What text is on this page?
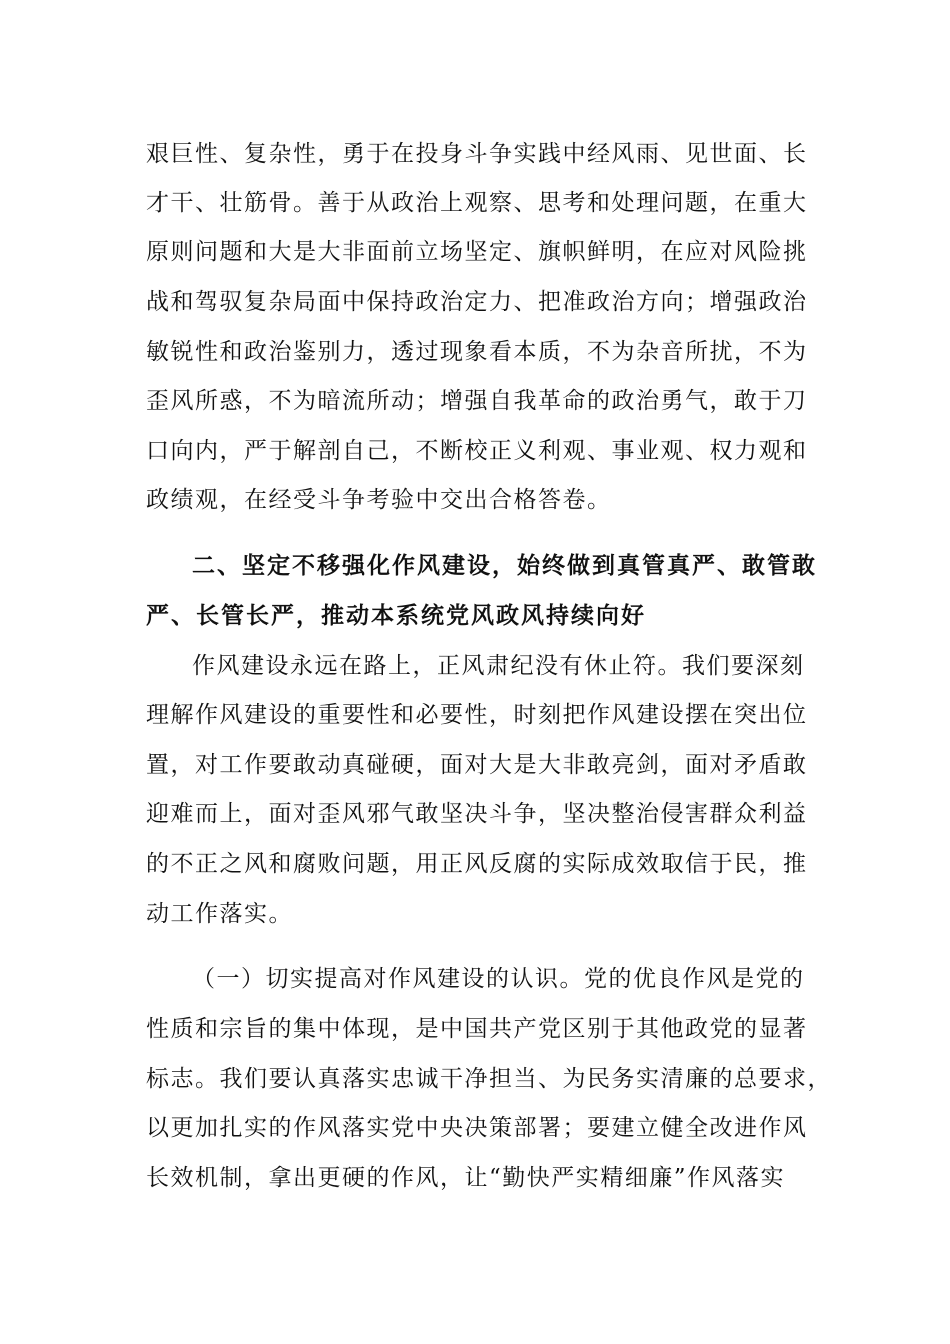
艰巨性、复杂性，勇于在投身斗争实践中经风雨、见世面、长
才干、壮筋骨。善于从政治上观察、思考和处理问题，在重大
原则问题和大是大非面前立场坚定、旗帜鲜明，在应对风险挑
战和驾驭复杂局面中保持政治定力、把准政治方向；增强政治
敏锐性和政治鉴别力，透过现象看本质，不为杂音所扰，不为
歪风所惑，不为暗流所动；增强自我革命的政治勇气，敢于刀
口向内，严于解剖自己，不断校正义利观、事业观、权力观和
政绩观，在经受斗争考验中交出合格答卷。
二、坚定不移强化作风建设，始终做到真管真严、敢管敢
严、长管长严，推动本系统党风政风持续向好
作风建设永远在路上，正风肃纪没有休止符。我们要深刻
理解作风建设的重要性和必要性，时刻把作风建设摆在突出位
置，对工作要敢动真碰硬，面对大是大非敢亮剑，面对矛盾敢
迎难而上，面对歪风邪气敢坚决斗争，坚决整治侵害群众利益
的不正之风和腐败问题，用正风反腐的实际成效取信于民，推
动工作落实。
（一）切实提高对作风建设的认识。党的优良作风是党的
性质和宗旨的集中体现，是中国共产党区别于其他政党的显著
标志。我们要认真落实忠诚干净担当、为民务实清廉的总要求，
以更加扎实的作风落实党中央决策部署；要建立健全改进作风
长效机制，拿出更硬的作风，让“勤快严实精细廉”作风落实
